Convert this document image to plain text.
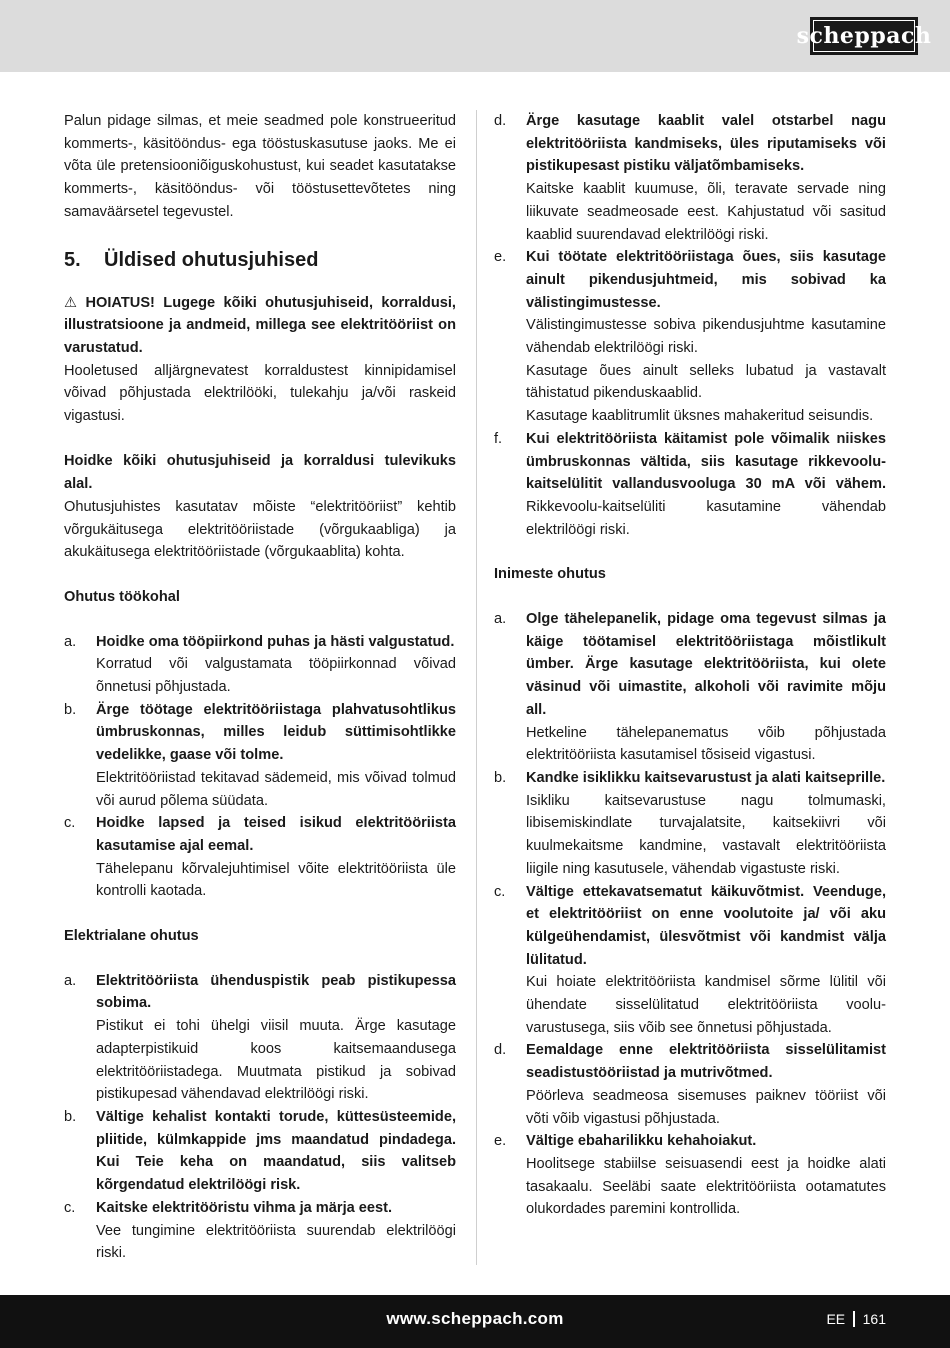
scheppach

Palun pidage silmas, et meie seadmed pole konstrueeritud kommerts-, käsitööndus- ega tööstuskasutuse jaoks. Me ei võta üle pretensiooniõiguskohustust, kui seadet kasutatakse kommerts-, käsitööndus- või tööstusettevõtetes ning samaväärsetel tegevustel.

5.	Üldised ohutusjuhised

⚠ HOIATUS! Lugege kõiki ohutusjuhiseid, korraldusi, illustratsioone ja andmeid, millega see elektritööriist on varustatud.

Hooletused alljärgnevatest korraldustest kinnipidamisel võivad põhjustada elektrilööki, tulekahju ja/või raskeid vigastusi.

Hoidke kõiki ohutusjuhiseid ja korraldusi tulevikuks alal.

Ohutusjuhistes kasutatav mõiste “elektritööriist” kehtib võrgukäitusega elektritööriistade (võrgukaabliga) ja akukäitusega elektritööriistade (võrgukaablita) kohta.

Ohutus töökohal
a.	Hoidke oma tööpiirkond puhas ja hästi valgustatud.
Korratud või valgustamata tööpiirkonnad võivad õnnetusi põhjustada.
b.	Ärge töötage elektritööriistaga plahvatusohtlikus ümbruskonnas, milles leidub süttimisohtlikke vedelikke, gaase või tolme.
Elektritööriistad tekitavad sädemeid, mis võivad tolmud või aurud põlema süüdata.
c.	Hoidke lapsed ja teised isikud elektritööriista kasutamise ajal eemal.
Tähelepanu kõrvalejuhtimisel võite elektritööriista üle kontrolli kaotada.
Elektrialane ohutus
a.	Elektritööriista ühenduspistik peab pistikupessa sobima.
Pistikut ei tohi ühelgi viisil muuta. Ärge kasutage adapterpistikuid koos kaitsemaandusega elektritööriistadega. Muutmata pistikud ja sobivad pistikupesad vähendavad elektrilöögi riski.
b.	Vältige kehalist kontakti torude, küttesüsteemide, pliitide, külmkappide jms maandatud pindadega. Kui Teie keha on maandatud, siis valitseb kõrgendatud elektrilöögi risk.
c.	Kaitske elektritööristu vihma ja märja eest.
Vee tungimine elektritööriista suurendab elektrilöögi riski.
d.	Ärge kasutage kaablit valel otstarbel nagu elektritööriista kandmiseks, üles riputamiseks või pistikupesast pistiku väljatõmbamiseks.
Kaitske kaablit kuumuse, õli, teravate servade ning liikuvate seadmeosade eest. Kahjustatud või sasitud kaablid suurendavad elektrilöögi riski.
e.	Kui töötate elektritööriistaga õues, siis kasutage ainult pikendusjuhtmeid, mis sobivad ka välistingimustesse.
Välistingimustesse sobiva pikendusjuhtme kasutamine vähendab elektrilöögi riski.
Kasutage õues ainult selleks lubatud ja vastavalt tähistatud pikenduskaablid.
Kasutage kaablitrumlit üksnes mahakeritud seisundis.
f.	Kui elektritööriista käitamist pole võimalik niiskes ümbruskonnas vältida, siis kasutage rikkevoolu-kaitselülitit vallandusvooluga 30 mA või vähem. Rikkevoolu-kaitselüliti kasutamine vähendab elektrilöögi riski.
Inimeste ohutus
a.	Olge tähelepanelik, pidage oma tegevust silmas ja käige töötamisel elektritööriistaga mõistlikult ümber. Ärge kasutage elektritööriista, kui olete väsinud või uimastite, alkoholi või ravimite mõju all.
Hetkeline tähelepanematus võib põhjustada elektritööriista kasutamisel tõsiseid vigastusi.
b.	Kandke isiklikku kaitsevarustust ja alati kaitseprille.
Isikliku kaitsevarustuse nagu tolmumaski, libisemiskindlate turvajalatsite, kaitsekiivri või kuulmekaitsme kandmine, vastavalt elektritööriista liigile ning kasutusele, vähendab vigastuste riski.
c.	Vältige ettekavatsematut käikuvõtmist. Veenduge, et elektritööriist on enne voolutoite ja/ või aku külgeühendamist, ülesvõtmist või kandmist välja lülitatud.
Kui hoiate elektritööriista kandmisel sõrme lülitil või ühendate sisselülitatud elektritööriista vooluvarustusega, siis võib see õnnetusi põhjustada.
d.	Eemaldage enne elektritööriista sisselülitamist seadistustööriistad ja mutrivõtmed.
Pöörleva seadmeosa sisemuses paiknev tööriist või võti võib vigastusi põhjustada.
e.	Vältige ebaharilikku kehahoiakut.
Hoolitsege stabiilse seisuasendi eest ja hoidke alati tasakaalu. Seeläbi saate elektritööriista ootamatutes olukordades paremini kontrollida.
www.scheppach.com	EE 161
